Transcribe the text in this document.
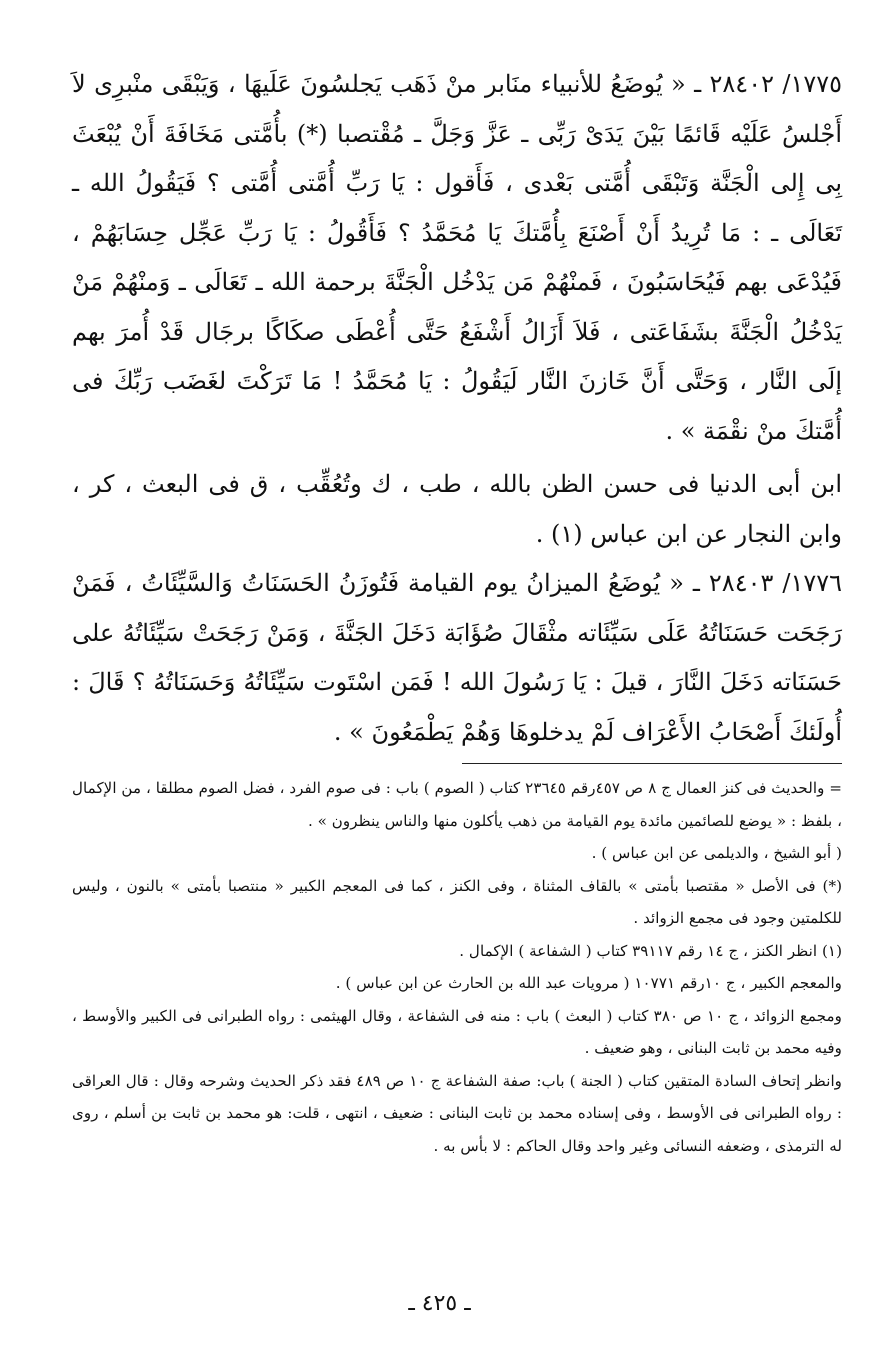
١٧٧٥/ ٢٨٤٠٢ ـ « يُوضَعُ للأنبياء منَابر منْ ذَهَب يَجلسُونَ عَلَيهَا ، وَيَبْقَى منْبرِى لاَ أَجْلسُ عَلَيْه قَائمًا بَيْنَ يَدَىْ رَبِّى ـ عَزَّ وَجَلَّ ـ مُقْتصبا (*) بأُمَّتى مَخَافَةَ أَنْ يُبْعَثَ بِى إِلى الْجَنَّة وَتَبْقَى أُمَّتى بَعْدى ، فَأَقول : يَا رَبِّ أُمَّتى أُمَّتى ؟ فَيَقُولُ الله ـ تَعَالَى ـ : مَا تُرِيدُ أَنْ أَصْنَعَ بِأُمَّتكَ يَا مُحَمَّدُ ؟ فَأَقُولُ : يَا رَبِّ عَجِّل حِسَابَهُمْ ، فَيُدْعَى بهم فَيُحَاسَبُونَ ، فَمنْهُمْ مَن يَدْخُل الْجَنَّةَ برحمة الله ـ تَعَالَى ـ وَمنْهُمْ مَنْ يَدْخُلُ الْجَنَّةَ بشَفَاعَتى ، فَلاَ أَزَالُ أَشْفَعُ حَتَّى أُعْطَى صكَاكًا برجَال قَدْ أُمرَ بهم إلَى النَّار ، وَحَتَّى أَنَّ خَازنَ النَّار لَيَقُولُ : يَا مُحَمَّدُ ! مَا تَرَكْتَ لغَضَب رَبِّكَ فى أُمَّتكَ منْ نقْمَة » .

ابن أبى الدنيا فى حسن الظن بالله ، طب ، ك وتُعُقِّب ، ق فى البعث ، كر ، وابن النجار عن ابن عباس (١) .

١٧٧٦/ ٢٨٤٠٣ ـ « يُوضَعُ الميزانُ يوم القيامة فَتُوزَنُ الحَسَنَاتُ وَالسَّيِّئَاتُ ، فَمَنْ رَجَحَت حَسَنَاتُهُ عَلَى سَيِّئَاته مثْقَالَ صُؤَابَة دَخَلَ الجَنَّةَ ، وَمَنْ رَجَحَتْ سَيِّئَاتُهُ على حَسَنَاته دَخَلَ النَّارَ ، قيلَ : يَا رَسُولَ الله ! فَمَن اسْتَوت سَيِّئَاتُهُ وَحَسَنَاتُهُ ؟ قَالَ : أُولَئكَ أَصْحَابُ الأَعْرَاف لَمْ يدخلوهَا وَهُمْ يَطْمَعُونَ » .

= والحديث فى كنز العمال ج ٨ ص ٤٥٧رقم ٢٣٦٤٥ كتاب ( الصوم ) باب : فى صوم الفرد ، فضل الصوم مطلقا ، من الإكمال ، بلفظ : « يوضع للصائمين مائدة يوم القيامة من ذهب يأكلون منها والناس ينظرون » .

( أبو الشيخ ، والديلمى عن ابن عباس ) .

(*) فى الأصل « مقتصبا بأمتى » بالقاف المثناة ، وفى الكنز ، كما فى المعجم الكبير « منتصبا بأمتى » بالنون ، وليس للكلمتين وجود فى مجمع الزوائد .

(١) انظر الكنز ، ج ١٤ رقم ٣٩١١٧ كتاب ( الشفاعة ) الإكمال .

والمعجم الكبير ، ج ١٠رقم ١٠٧٧١ ( مرويات عبد الله بن الحارث عن ابن عباس ) .

ومجمع الزوائد ، ج ١٠ ص ٣٨٠ كتاب ( البعث ) باب : منه فى الشفاعة ، وقال الهيثمى : رواه الطبرانى فى الكبير والأوسط ، وفيه محمد بن ثابت البنانى ، وهو ضعيف .

وانظر إتحاف السادة المتقين كتاب ( الجنة ) باب: صفة الشفاعة ج ١٠ ص ٤٨٩ فقد ذكر الحديث وشرحه وقال : قال العراقى : رواه الطبرانى فى الأوسط ، وفى إسناده محمد بن ثابت البنانى : ضعيف ، انتهى ، قلت: هو محمد بن ثابت بن أسلم ، روى له الترمذى ، وضعفه النسائى وغير واحد وقال الحاكم : لا بأس به .

ـ ٤٢٥ ـ
